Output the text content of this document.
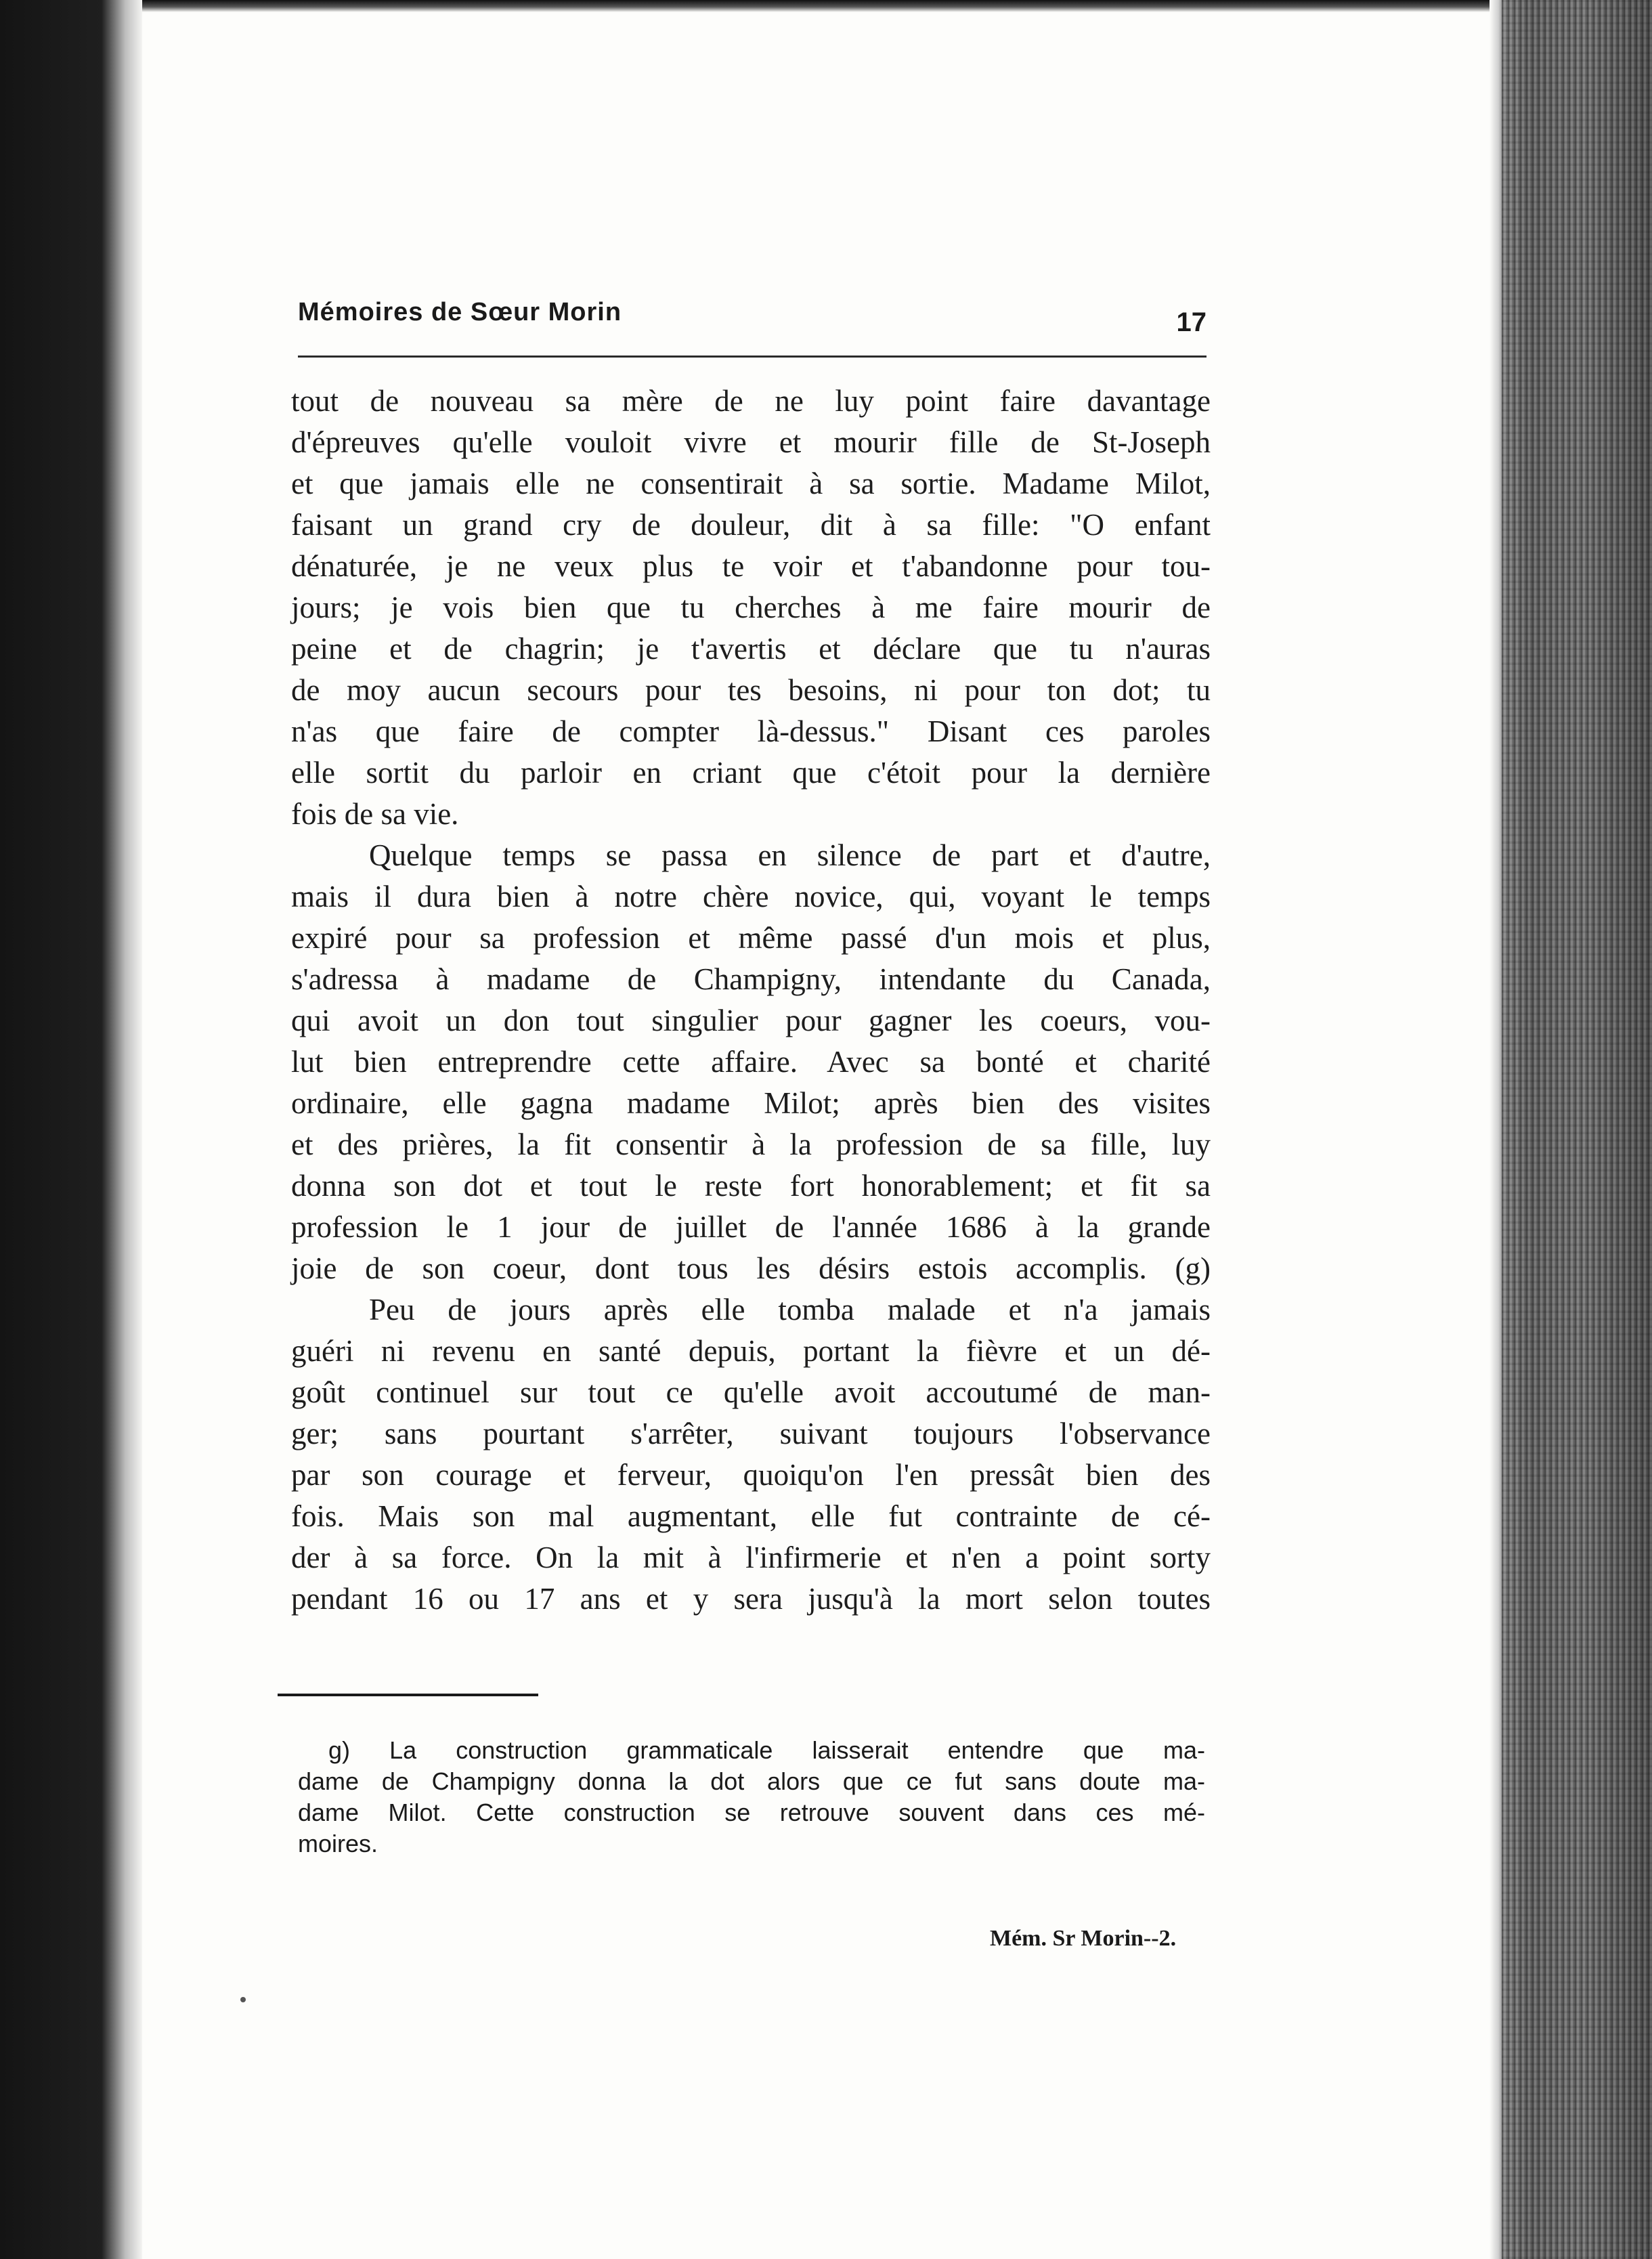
Mémoires de Sœur Morin	17
tout de nouveau sa mère de ne luy point faire davantage
d'épreuves qu'elle vouloit vivre et mourir fille de St-Joseph
et que jamais elle ne consentirait à sa sortie. Madame Milot,
faisant un grand cry de douleur, dit à sa fille: "O enfant
dénaturée, je ne veux plus te voir et t'abandonne pour tou-
jours; je vois bien que tu cherches à me faire mourir de
peine et de chagrin; je t'avertis et déclare que tu n'auras
de moy aucun secours pour tes besoins, ni pour ton dot; tu
n'as que faire de compter là-dessus." Disant ces paroles
elle sortit du parloir en criant que c'étoit pour la dernière
fois de sa vie.
Quelque temps se passa en silence de part et d'autre,
mais il dura bien à notre chère novice, qui, voyant le temps
expiré pour sa profession et même passé d'un mois et plus,
s'adressa à madame de Champigny, intendante du Canada,
qui avoit un don tout singulier pour gagner les coeurs, vou-
lut bien entreprendre cette affaire. Avec sa bonté et charité
ordinaire, elle gagna madame Milot; après bien des visites
et des prières, la fit consentir à la profession de sa fille, luy
donna son dot et tout le reste fort honorablement; et fit sa
profession le 1 jour de juillet de l'année 1686 à la grande
joie de son coeur, dont tous les désirs estois accomplis. (g)
Peu de jours après elle tomba malade et n'a jamais
guéri ni revenu en santé depuis, portant la fièvre et un dé-
goût continuel sur tout ce qu'elle avoit accoutumé de man-
ger; sans pourtant s'arrêter, suivant toujours l'observance
par son courage et ferveur, quoiqu'on l'en pressât bien des
fois. Mais son mal augmentant, elle fut contrainte de cé-
der à sa force. On la mit à l'infirmerie et n'en a point sorty
pendant 16 ou 17 ans et y sera jusqu'à la mort selon toutes
g) La construction grammaticale laisserait entendre que ma-
dame de Champigny donna la dot alors que ce fut sans doute ma-
dame Milot. Cette construction se retrouve souvent dans ces mé-
moires.
Mém. Sr Morin--2.
